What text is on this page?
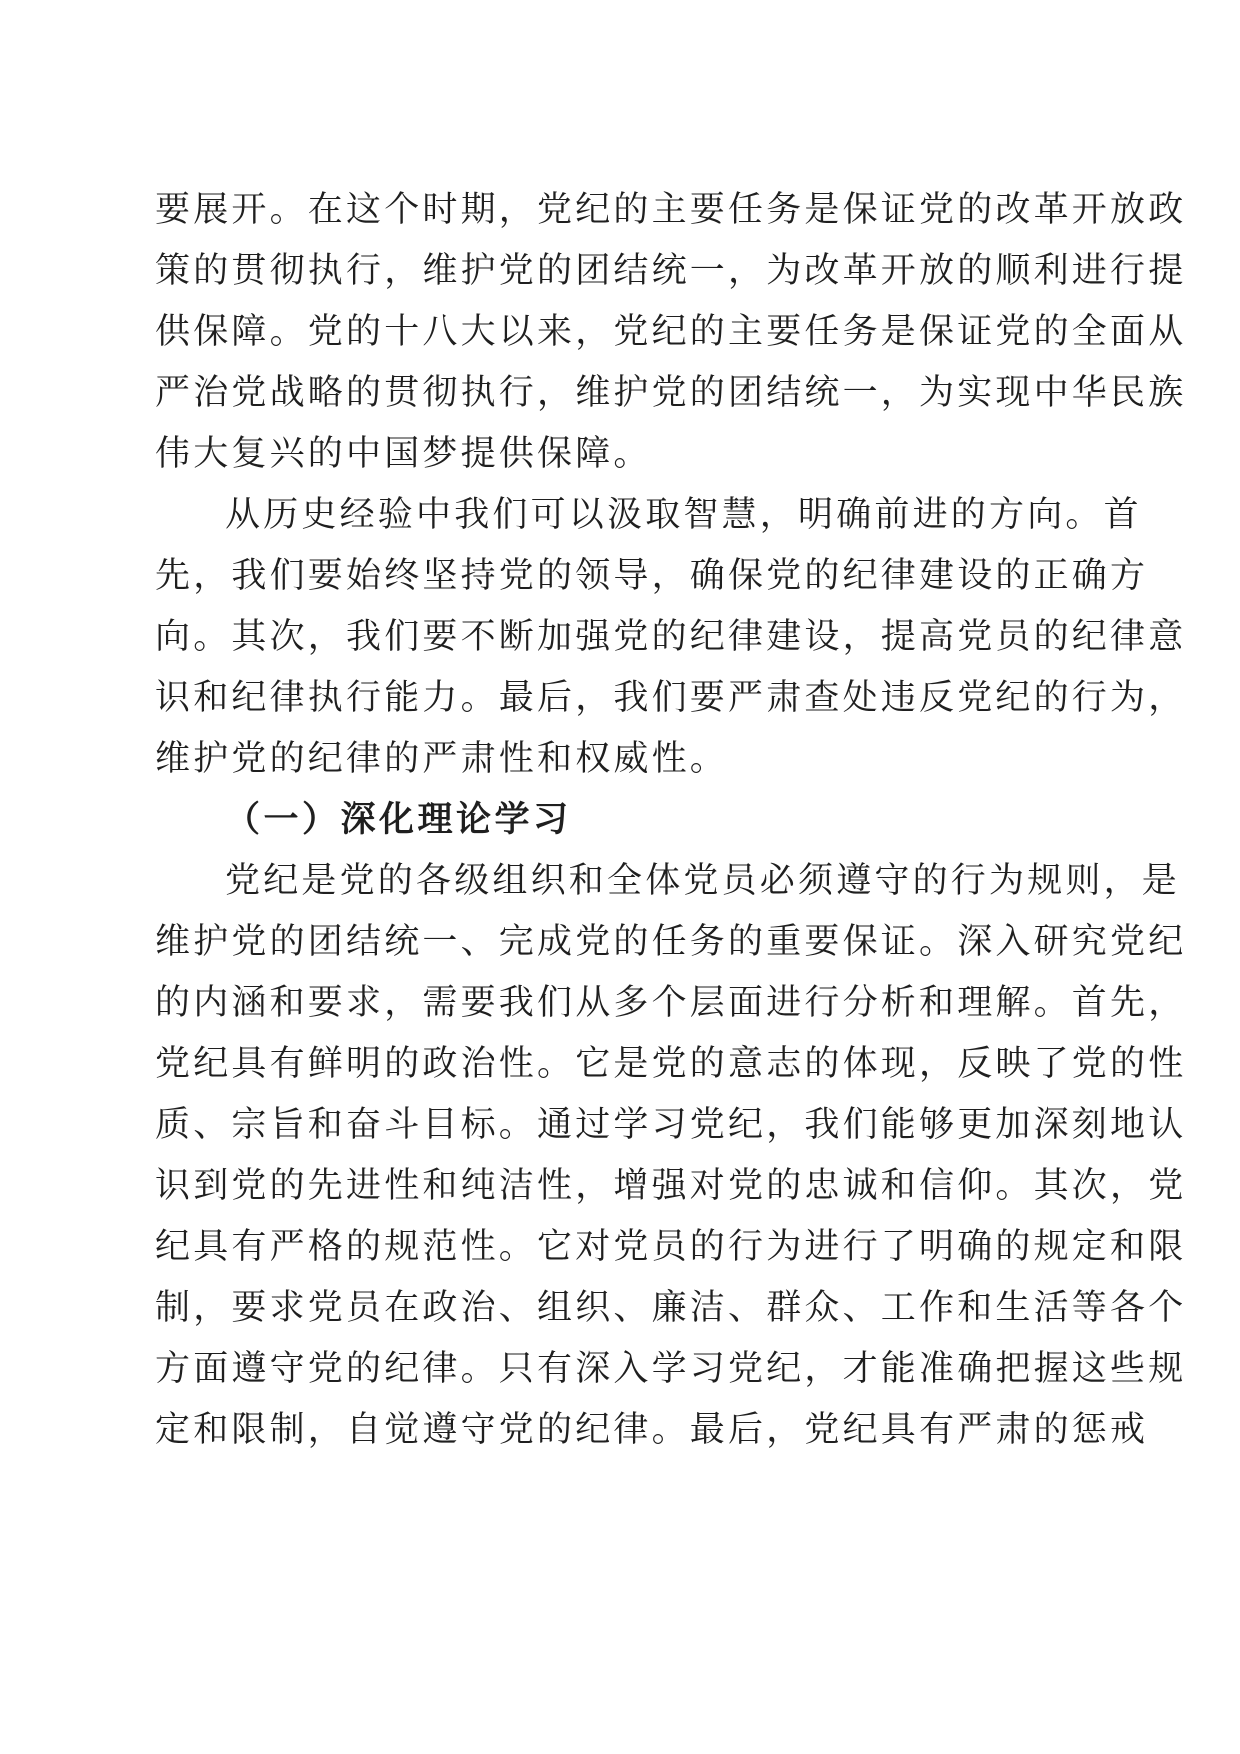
要展开。在这个时期，党纪的主要任务是保证党的改革开放政
策的贯彻执行，维护党的团结统一，为改革开放的顺利进行提
供保障。党的十八大以来，党纪的主要任务是保证党的全面从
严治党战略的贯彻执行，维护党的团结统一，为实现中华民族
伟大复兴的中国梦提供保障。
从历史经验中我们可以汲取智慧，明确前进的方向。首
先，我们要始终坚持党的领导，确保党的纪律建设的正确方
向。其次，我们要不断加强党的纪律建设，提高党员的纪律意
识和纪律执行能力。最后，我们要严肃查处违反党纪的行为，
维护党的纪律的严肃性和权威性。
（一）深化理论学习
党纪是党的各级组织和全体党员必须遵守的行为规则，是
维护党的团结统一、完成党的任务的重要保证。深入研究党纪
的内涵和要求，需要我们从多个层面进行分析和理解。首先，
党纪具有鲜明的政治性。它是党的意志的体现，反映了党的性
质、宗旨和奋斗目标。通过学习党纪，我们能够更加深刻地认
识到党的先进性和纯洁性，增强对党的忠诚和信仰。其次，党
纪具有严格的规范性。它对党员的行为进行了明确的规定和限
制，要求党员在政治、组织、廉洁、群众、工作和生活等各个
方面遵守党的纪律。只有深入学习党纪，才能准确把握这些规
定和限制，自觉遵守党的纪律。最后，党纪具有严肃的惩戒
